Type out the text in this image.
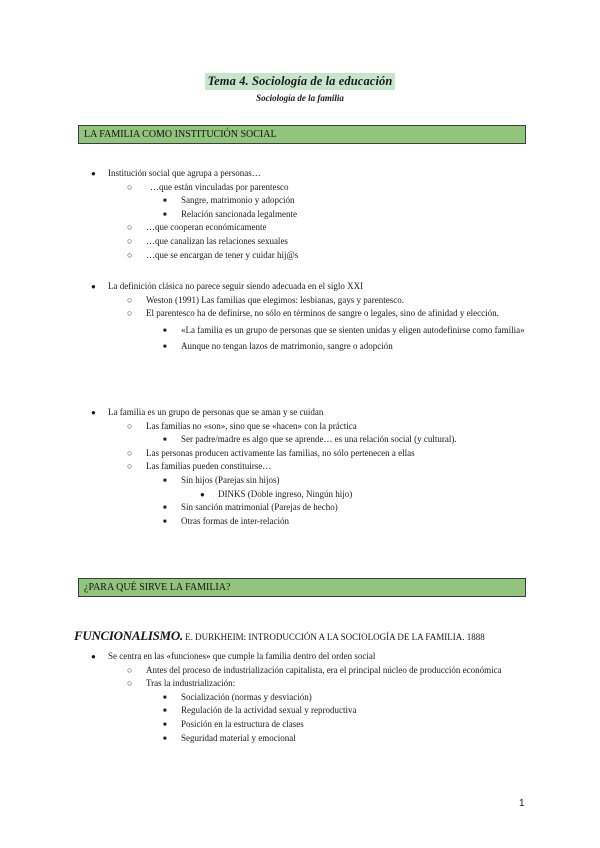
Tema 4. Sociología de la educación
Sociología de la familia
LA FAMILIA COMO INSTITUCIÓN SOCIAL
● Institución social que agrupa a personas…
○ …que están vinculadas por parentesco
■ Sangre, matrimonio y adopción
■ Relación sancionada legalmente
○ …que cooperan económicamente
○ …que canalizan las relaciones sexuales
○ …que se encargan de tener y cuidar hij@s
● La definición clásica no parece seguir siendo adecuada en el siglo XXI
○ Weston (1991) Las familias que elegimos: lesbianas, gays y parentesco.
○ El parentesco ha de definirse, no sólo en términos de sangre o legales, sino de afinidad y elección.
■ «La familia es un grupo de personas que se sienten unidas y eligen autodefinirse como familia»
■ Aunque no tengan lazos de matrimonio, sangre o adopción
● La familia es un grupo de personas que se aman y se cuidan
○ Las familias no «son», sino que se «hacen» con la práctica
■ Ser padre/madre es algo que se aprende… es una relación social (y cultural).
○ Las personas producen activamente las familias, no sólo pertenecen a ellas
○ Las familias pueden constituirse…
■ Sin hijos (Parejas sin hijos)
● DINKS (Doble ingreso, Ningún hijo)
■ Sin sanción matrimonial (Parejas de hecho)
■ Otras formas de inter-relación
¿PARA QUÉ SIRVE LA FAMILIA?
FUNCIONALISMO. E. DURKHEIM: INTRODUCCIÓN A LA SOCIOLOGÍA DE LA FAMILIA. 1888
● Se centra en las «funciones» que cumple la familia dentro del orden social
○ Antes del proceso de industrialización capitalista, era el principal núcleo de producción económica
○ Tras la industrialización:
■ Socialización (normas y desviación)
■ Regulación de la actividad sexual y reproductiva
■ Posición en la estructura de clases
■ Seguridad material y emocional
1
